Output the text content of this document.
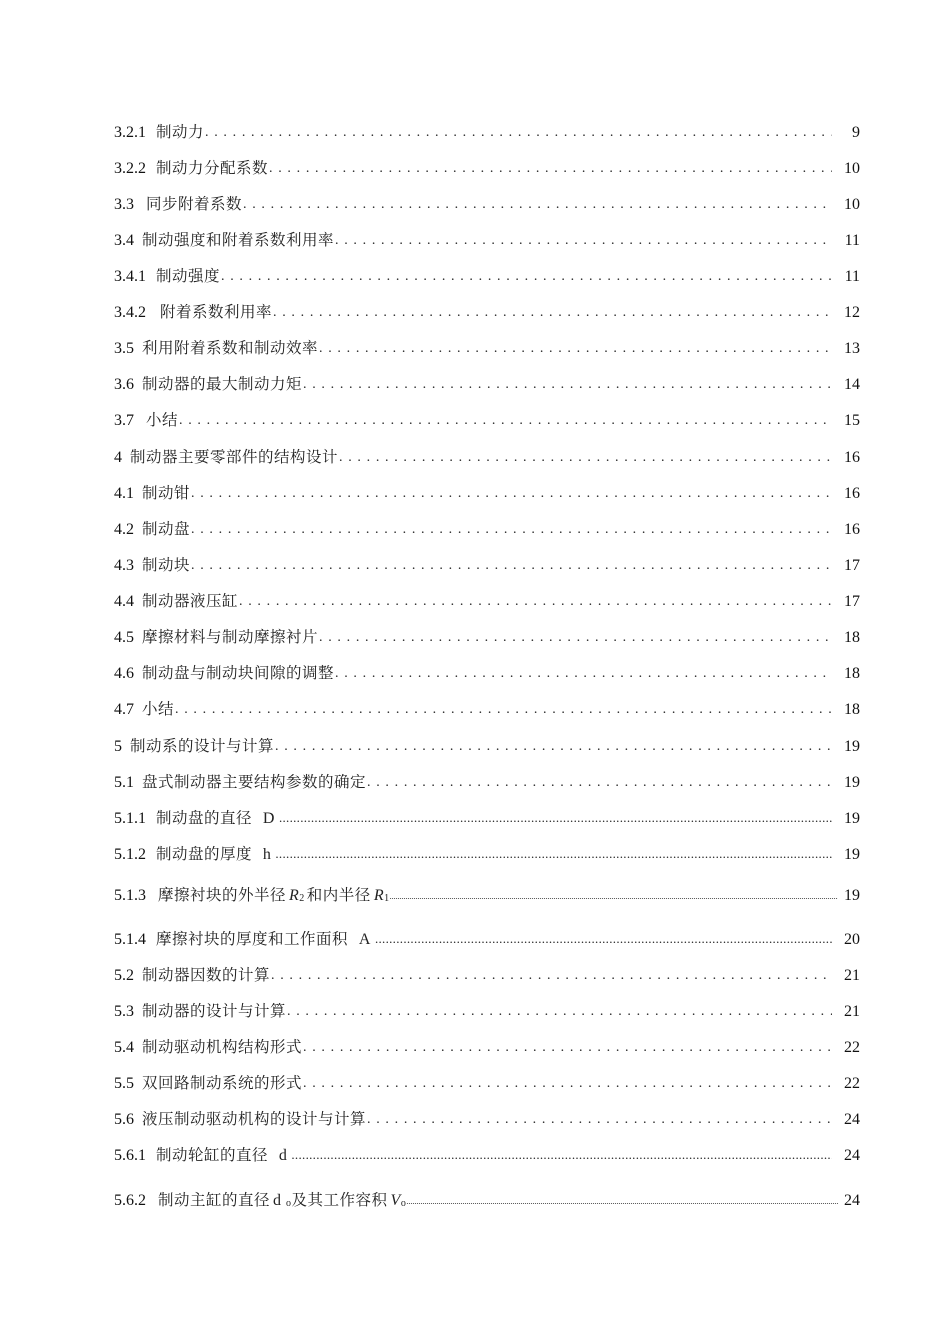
3.2.1 制动力 . . .	9
3.2.2 制动力分配系数 . . .	10
3.3 同步附着系数 . . .	10
3.4 制动强度和附着系数利用率 . . .	11
3.4.1 制动强度 . . .	11
3.4.2 附着系数利用率 . . .	12
3.5 利用附着系数和制动效率 . . .	13
3.6 制动器的最大制动力矩 . . .	14
3.7 小结 . . .	15
4 制动器主要零部件的结构设计 . . .	16
4.1 制动钳 . . .	16
4.2 制动盘 . . .	16
4.3 制动块 . . .	17
4.4 制动器液压缸 . . .	17
4.5 摩擦材料与制动摩擦衬片 . . .	18
4.6 制动盘与制动块间隙的调整 . . .	18
4.7 小结 . . .	18
5 制动系的设计与计算 . . .	19
5.1 盘式制动器主要结构参数的确定 . . .	19
5.1.1 制动盘的直径 D .....	19
5.1.2 制动盘的厚度 h .....	19
5.1.3 摩擦衬块的外半径 $R_2$ 和内半径 $R_1$ .....	19
5.1.4 摩擦衬块的厚度和工作面积 A .....	20
5.2 制动器因数的计算 . . .	21
5.3 制动器的设计与计算 . . .	21
5.4 制动驱动机构结构形式 . . .	22
5.5 双回路制动系统的形式 . . .	22
5.6 液压制动驱动机构的设计与计算 . . .	24
5.6.1 制动轮缸的直径 d .....	24
5.6.2 制动主缸的直径 d $_o$及其工作容积 $V_o$ .....	24
